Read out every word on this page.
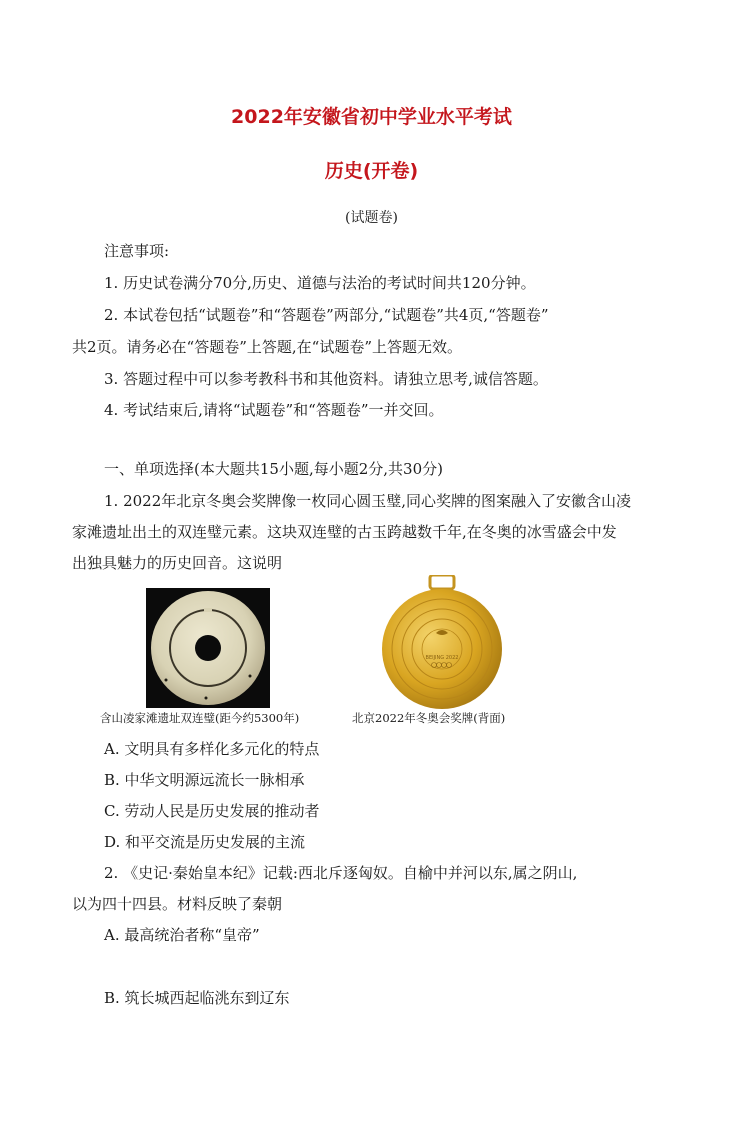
2022年安徽省初中学业水平考试
历史(开卷)
(试题卷)
注意事项:
1. 历史试卷满分70分,历史、道德与法治的考试时间共120分钟。
2. 本试卷包括“试题卷”和“答题卷”两部分,“试题卷”共4页,“答题卷”
共2页。请务必在“答题卷”上答题,在“试题卷”上答题无效。
3. 答题过程中可以参考教科书和其他资料。请独立思考,诚信答题。
4. 考试结束后,请将“试题卷”和“答题卷”一并交回。
一、单项选择(本大题共15小题,每小题2分,共30分)
1. 2022年北京冬奥会奖牌像一枚同心圆玉璧,同心奖牌的图案融入了安徽含山凌
家滩遗址出土的双连璧元素。这块双连璧的古玉跨越数千年,在冬奥的冰雪盛会中发
出独具魅力的历史回音。这说明
BEIJING 2022
含山凌家滩遗址双连璧(距今约5300年)	北京2022年冬奥会奖牌(背面)
A. 文明具有多样化多元化的特点
B. 中华文明源远流长一脉相承
C. 劳动人民是历史发展的推动者
D. 和平交流是历史发展的主流
2. 《史记·秦始皇本纪》记载:西北斥逐匈奴。自榆中并河以东,属之阴山,
以为四十四县。材料反映了秦朝
A. 最高统治者称“皇帝”
B. 筑长城西起临洮东到辽东
